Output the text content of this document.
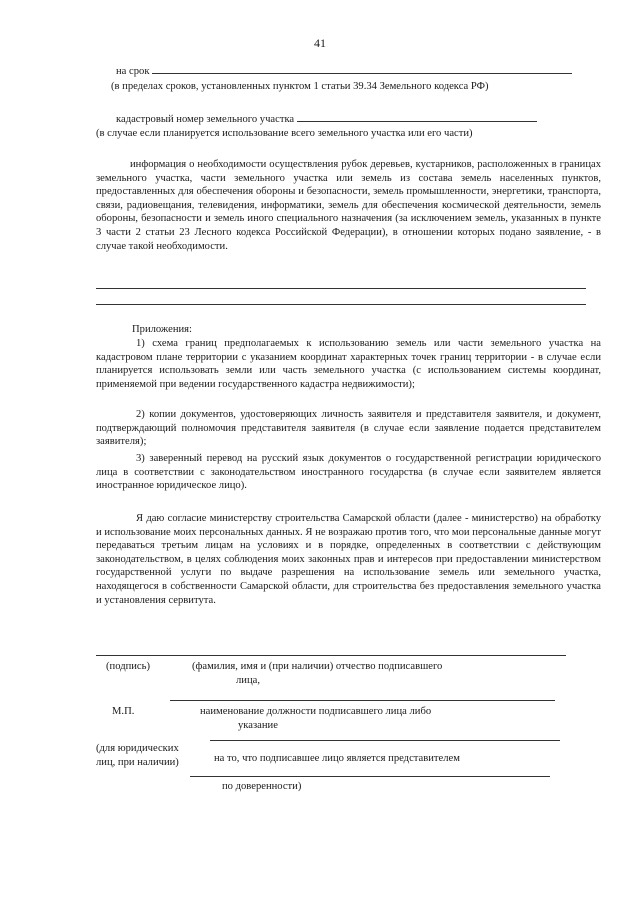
41
на срок
(в пределах сроков, установленных пунктом 1 статьи 39.34 Земельного кодекса РФ)
кадастровый номер земельного участка
(в случае если планируется использование всего земельного участка или его части)
информация о необходимости осуществления рубок деревьев, кустарников, расположенных в границах земельного участка, части земельного участка или земель из состава земель населенных пунктов, предоставленных для обеспечения обороны и безопасности, земель промышленности, энергетики, транспорта, связи, радиовещания, телевидения, информатики, земель для обеспечения космической деятельности, земель обороны, безопасности и земель иного специального назначения (за исключением земель, указанных в пункте 3 части 2 статьи 23 Лесного кодекса Российской Федерации), в отношении которых подано заявление, - в случае такой необходимости.
Приложения:
1) схема границ предполагаемых к использованию земель или части земельного участка на кадастровом плане территории с указанием координат характерных точек границ территории - в случае если планируется использовать земли или часть земельного участка (с использованием системы координат, применяемой при ведении государственного кадастра недвижимости);
2) копии документов, удостоверяющих личность заявителя и представителя заявителя, и документ, подтверждающий полномочия представителя заявителя (в случае если заявление подается представителем заявителя);
3) заверенный перевод на русский язык документов о государственной регистрации юридического лица в соответствии с законодательством иностранного государства (в случае если заявителем является иностранное юридическое лицо).
Я даю согласие министерству строительства Самарской области (далее - министерство) на обработку и использование моих персональных данных. Я не возражаю против того, что мои персональные данные могут передаваться третьим лицам на условиях и в порядке, определенных в соответствии с действующим законодательством, в целях соблюдения моих законных прав и интересов при предоставлении министерством государственной услуги по выдаче разрешения на использование земель или земельного участка, находящегося в собственности Самарской области, для строительства без предоставления земельного участка и установления сервитута.
(подпись)	(фамилия, имя и (при наличии) отчество подписавшего
лица,
М.П.	наименование должности подписавшего лица либо
указание
(для юридических
лиц, при наличии)	на то, что подписавшее лицо является представителем
по доверенности)
